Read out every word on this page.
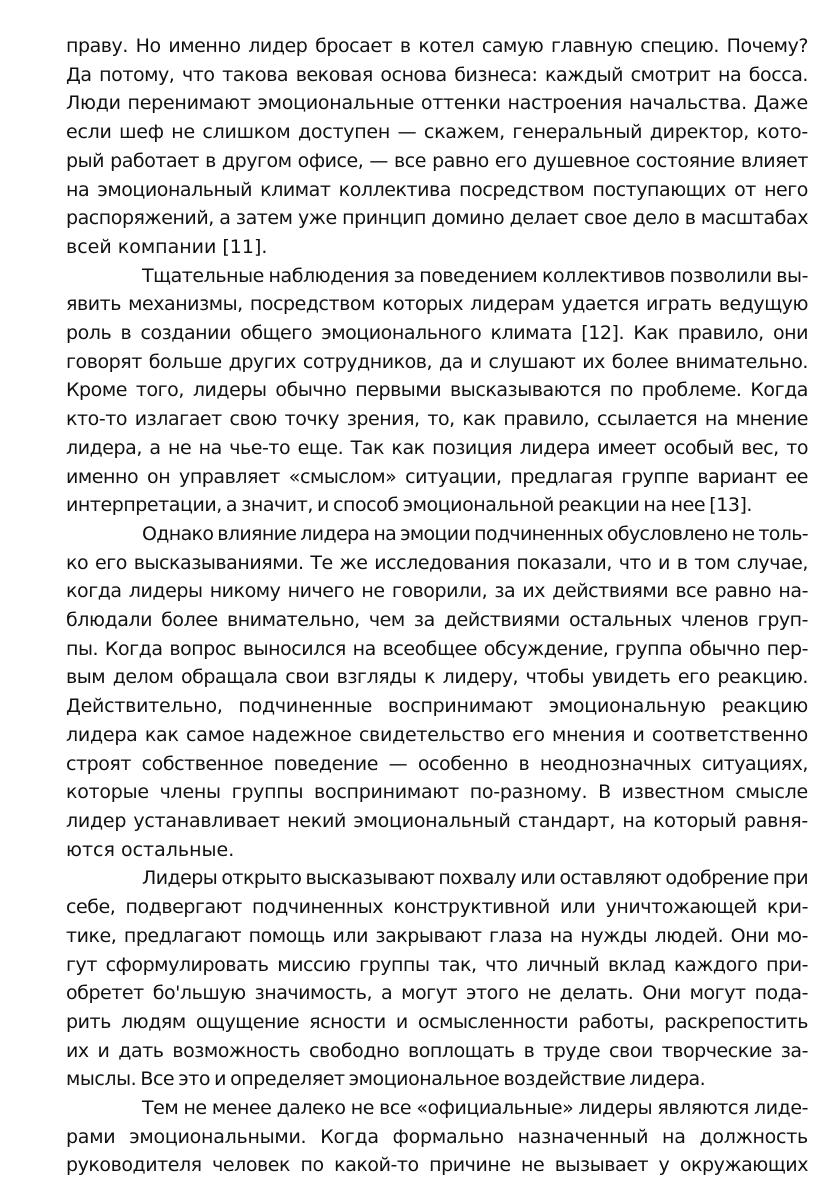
праву. Но именно лидер бросает в котел самую главную специю. Почему?
Да потому, что такова вековая основа бизнеса: каждый смотрит на босса.
Люди перенимают эмоциональные оттенки настроения начальства. Даже
если шеф не слишком доступен — скажем, генеральный директор, кото-
рый работает в другом офисе, — все равно его душевное состояние влияет
на эмоциональный климат коллектива посредством поступающих от него
распоряжений, а затем уже принцип домино делает свое дело в масштабах
всей компании [11].
Тщательные наблюдения за поведением коллективов позволили вы-
явить механизмы, посредством которых лидерам удается играть ведущую
роль в создании общего эмоционального климата [12]. Как правило, они
говорят больше других сотрудников, да и слушают их более внимательно.
Кроме того, лидеры обычно первыми высказываются по проблеме. Когда
кто-то излагает свою точку зрения, то, как правило, ссылается на мнение
лидера, а не на чье-то еще. Так как позиция лидера имеет особый вес, то
именно он управляет «смыслом» ситуации, предлагая группе вариант ее
интерпретации, а значит, и способ эмоциональной реакции на нее [13].
Однако влияние лидера на эмоции подчиненных обусловлено не толь-
ко его высказываниями. Те же исследования показали, что и в том случае,
когда лидеры никому ничего не говорили, за их действиями все равно на-
блюдали более внимательно, чем за действиями остальных членов груп-
пы. Когда вопрос выносился на всеобщее обсуждение, группа обычно пер-
вым делом обращала свои взгляды к лидеру, чтобы увидеть его реакцию.
Действительно, подчиненные воспринимают эмоциональную реакцию
лидера как самое надежное свидетельство его мнения и соответственно
строят собственное поведение — особенно в неоднозначных ситуациях,
которые члены группы воспринимают по-разному. В известном смысле
лидер устанавливает некий эмоциональный стандарт, на который равня-
ются остальные.
Лидеры открыто высказывают похвалу или оставляют одобрение при
себе, подвергают подчиненных конструктивной или уничтожающей кри-
тике, предлагают помощь или закрывают глаза на нужды людей. Они мо-
гут сформулировать миссию группы так, что личный вклад каждого при-
обретет бо'льшую значимость, а могут этого не делать. Они могут пода-
рить людям ощущение ясности и осмысленности работы, раскрепостить
их и дать возможность свободно воплощать в труде свои творческие за-
мыслы. Все это и определяет эмоциональное воздействие лидера.
Тем не менее далеко не все «официальные» лидеры являются лиде-
рами эмоциональными. Когда формально назначенный на должность
руководителя человек по какой-то причине не вызывает у окружающих
